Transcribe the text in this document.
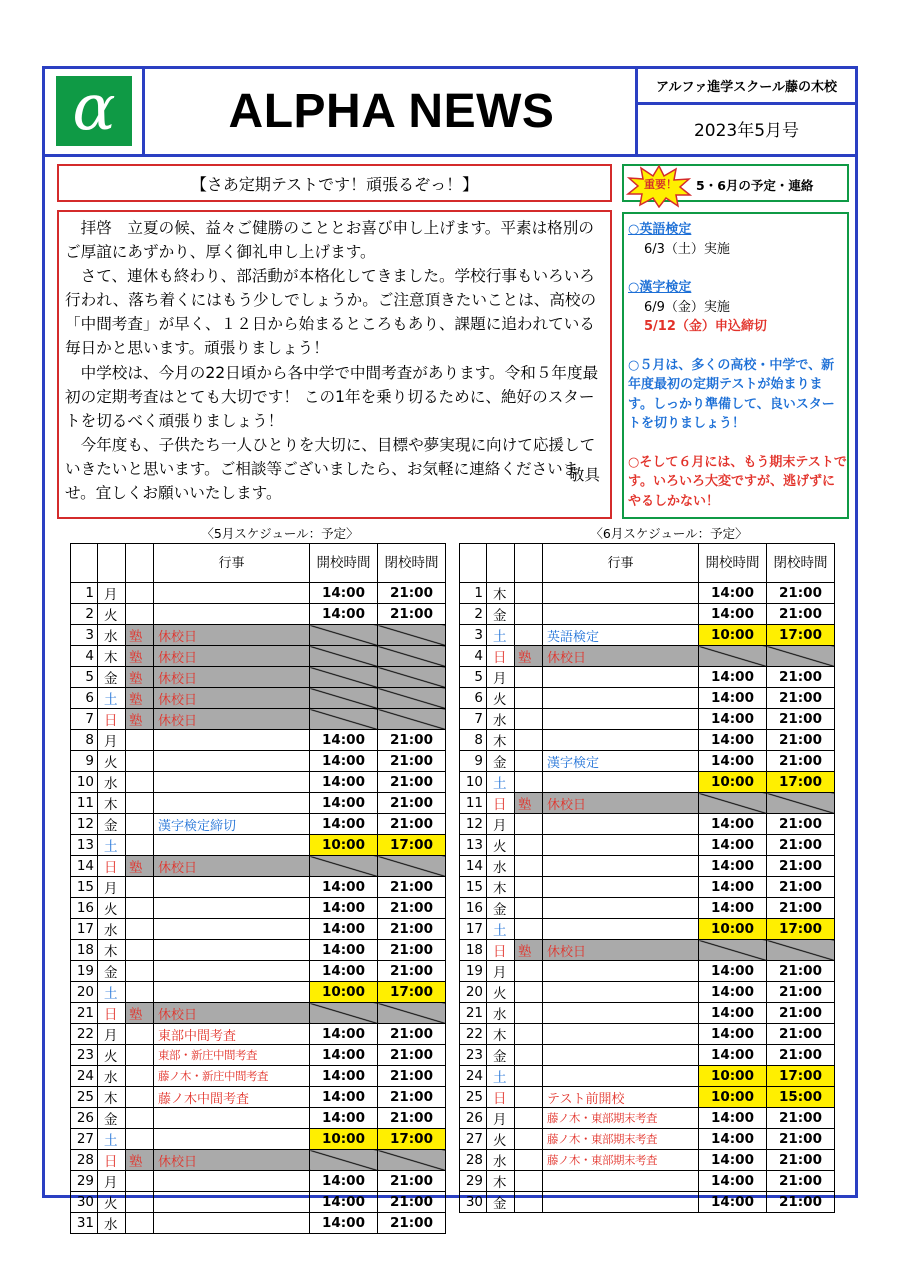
α ALPHA NEWS	アルファ進学スクール藤の木校
2023年5月号
【さあ定期テストです！頑張るぞっ！】

拝啓　立夏の候、益々ご健勝のこととお喜び申し上げます。平素は格別のご厚誼にあずかり、厚く御礼申し上げます。

さて、連休も終わり、部活動が本格化してきました。学校行事もいろいろ行われ、落ち着くにはもう少しでしょうか。ご注意頂きたいことは、高校の「中間考査」が早く、１２日から始まるところもあり、課題に追われている毎日かと思います。頑張りましょう！

中学校は、今月の22日頃から各中学で中間考査があります。令和５年度最初の定期考査はとても大切です！ この1年を乗り切るために、絶好のスタートを切るべく頑張りましょう！

今年度も、子供たち一人ひとりを大切に、目標や夢実現に向けて応援していきたいと思います。ご相談等ございましたら、お気軽に連絡くださいませ。宜しくお願いいたします。

敬具
重要！ 5・6月の予定・連絡
○英語検定
6/3（土）実施
○漢字検定
6/9（金）実施
5/12（金）申込締切
○５月は、多くの高校・中学で、新年度最初の定期テストが始まります。しっかり準備して、良いスタートを切りましょう！
○そして６月には、もう期末テストです。いろいろ大変ですが、逃げずにやるしかない！
〈5月スケジュール：予定〉	〈6月スケジュール：予定〉
			行事	開校時間	閉校時間
1	月			14:00	21:00
2	火			14:00	21:00
3	水	塾	休校日		
4	木	塾	休校日		
5	金	塾	休校日		
6	土	塾	休校日		
7	日	塾	休校日		
8	月			14:00	21:00
9	火			14:00	21:00
10	水			14:00	21:00
11	木			14:00	21:00
12	金		漢字検定締切	14:00	21:00
13	土			10:00	17:00
14	日	塾	休校日		
15	月			14:00	21:00
16	火			14:00	21:00
17	水			14:00	21:00
18	木			14:00	21:00
19	金			14:00	21:00
20	土			10:00	17:00
21	日	塾	休校日		
22	月		東部中間考査	14:00	21:00
23	火		東部・新庄中間考査	14:00	21:00
24	水		藤ノ木・新庄中間考査	14:00	21:00
25	木		藤ノ木中間考査	14:00	21:00
26	金			14:00	21:00
27	土			10:00	17:00
28	日	塾	休校日		
29	月			14:00	21:00
30	火			14:00	21:00
31	水			14:00	21:00
			行事	開校時間	閉校時間
1	木			14:00	21:00
2	金			14:00	21:00
3	土		英語検定	10:00	17:00
4	日	塾	休校日		
5	月			14:00	21:00
6	火			14:00	21:00
7	水			14:00	21:00
8	木			14:00	21:00
9	金		漢字検定	14:00	21:00
10	土			10:00	17:00
11	日	塾	休校日		
12	月			14:00	21:00
13	火			14:00	21:00
14	水			14:00	21:00
15	木			14:00	21:00
16	金			14:00	21:00
17	土			10:00	17:00
18	日	塾	休校日		
19	月			14:00	21:00
20	火			14:00	21:00
21	水			14:00	21:00
22	木			14:00	21:00
23	金			14:00	21:00
24	土			10:00	17:00
25	日		テスト前開校	10:00	15:00
26	月		藤ノ木・東部期末考査	14:00	21:00
27	火		藤ノ木・東部期末考査	14:00	21:00
28	水		藤ノ木・東部期末考査	14:00	21:00
29	木			14:00	21:00
30	金			14:00	21:00
